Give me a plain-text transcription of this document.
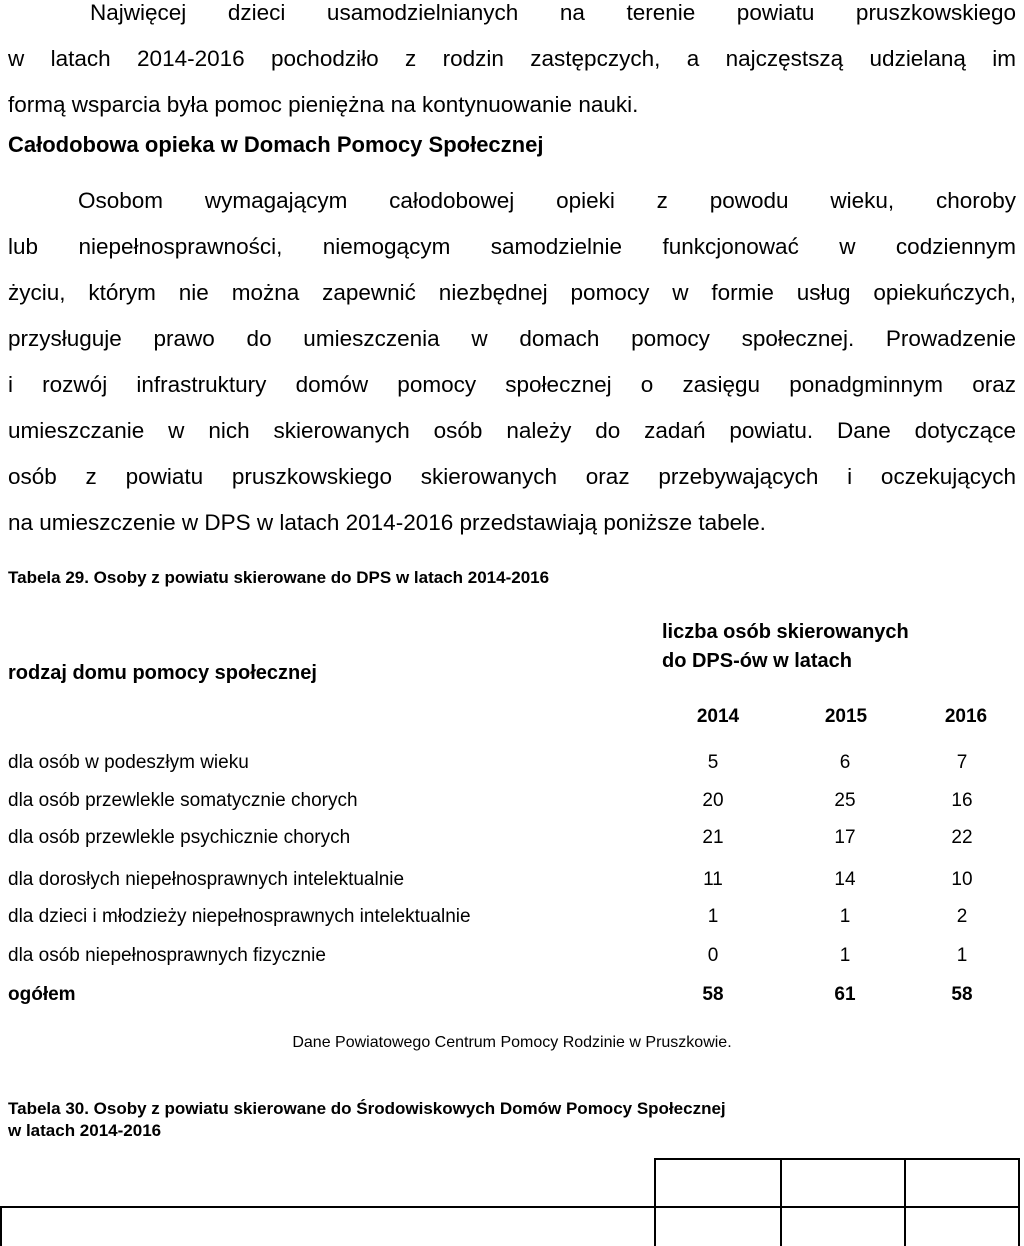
Najwięcej dzieci usamodzielnianych na terenie powiatu pruszkowskiego

w latach 2014-2016 pochodziło z rodzin zastępczych, a najczęstszą udzielaną im

formą wsparcia była pomoc pieniężna na kontynuowanie nauki.

Całodobowa opieka w Domach Pomocy Społecznej

Osobom wymagającym całodobowej opieki z powodu wieku, choroby

lub niepełnosprawności, niemogącym samodzielnie funkcjonować w codziennym

życiu, którym nie można zapewnić niezbędnej pomocy w formie usług opiekuńczych,

przysługuje prawo do umieszczenia w domach pomocy społecznej. Prowadzenie

i rozwój infrastruktury domów pomocy społecznej o zasięgu ponadgminnym oraz

umieszczanie w nich skierowanych osób należy do zadań powiatu. Dane dotyczące

osób z powiatu pruszkowskiego skierowanych oraz przebywających i oczekujących

na umieszczenie w DPS w latach 2014-2016 przedstawiają poniższe tabele.

Tabela 29. Osoby z powiatu skierowane do DPS w latach 2014-2016

rodzaj domu pomocy społecznej
liczba osób skierowanych
do DPS-ów w latach
2014	2015	2016
dla osób w podeszłym wieku	5	6	7
dla osób przewlekle somatycznie chorych	20	25	16
dla osób przewlekle psychicznie chorych	21	17	22
dla dorosłych niepełnosprawnych intelektualnie	11	14	10
dla dzieci i młodzieży niepełnosprawnych intelektualnie	1	1	2
dla osób niepełnosprawnych fizycznie	0	1	1
ogółem	58	61	58
Dane Powiatowego Centrum Pomocy Rodzinie w Pruszkowie.

Tabela 30. Osoby z powiatu skierowane do Środowiskowych Domów Pomocy Społecznej

w latach 2014-2016
